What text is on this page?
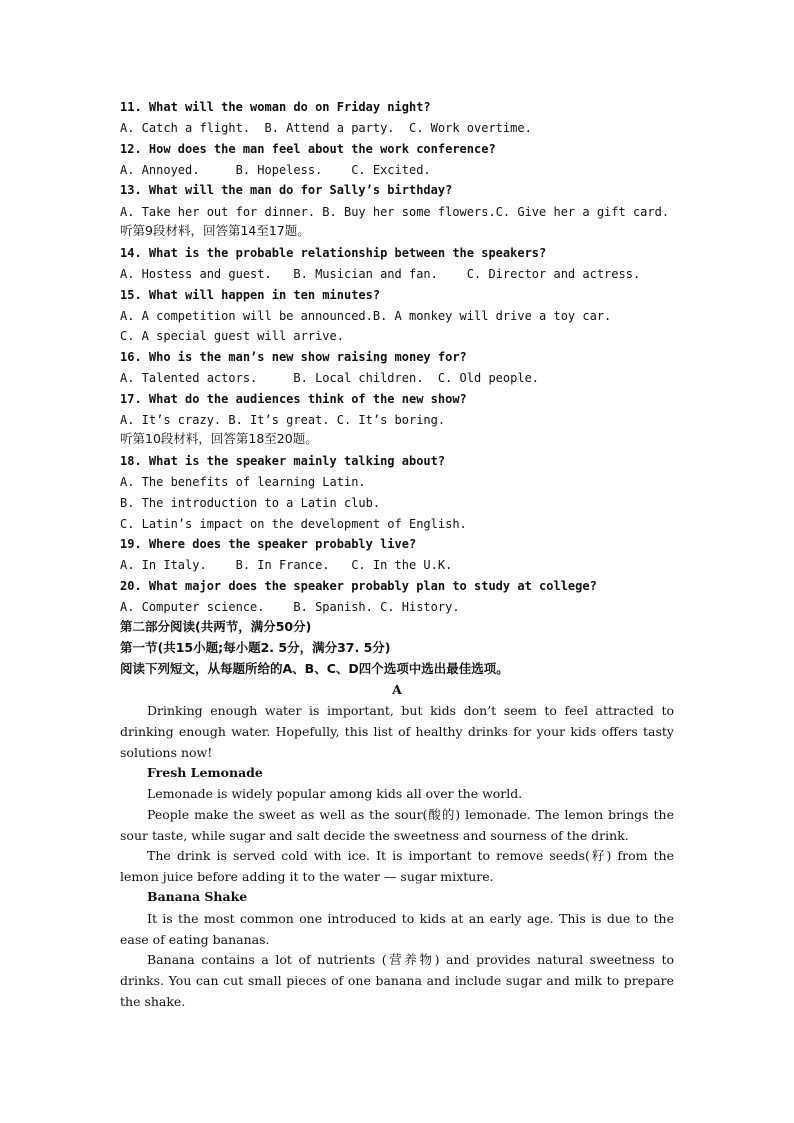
11. What will the woman do on Friday night?

A. Catch a flight.  B. Attend a party.  C. Work overtime.

12. How does the man feel about the work conference?

A. Annoyed.     B. Hopeless.    C. Excited.

13. What will the man do for Sally’s birthday?

A. Take her out for dinner. B. Buy her some flowers.C. Give her a gift card.

听第9段材料，回答第14至17题。

14. What is the probable relationship between the speakers?

A. Hostess and guest.   B. Musician and fan.    C. Director and actress.

15. What will happen in ten minutes?

A. A competition will be announced.B. A monkey will drive a toy car.

C. A special guest will arrive.

16. Who is the man’s new show raising money for?

A. Talented actors.     B. Local children.  C. Old people.

17. What do the audiences think of the new show?

A. It’s crazy. B. It’s great. C. It’s boring.

听第10段材料，回答第18至20题。

18. What is the speaker mainly talking about?

A. The benefits of learning Latin.

B. The introduction to a Latin club.

C. Latin’s impact on the development of English.

19. Where does the speaker probably live?

A. In Italy.    B. In France.   C. In the U.K.

20. What major does the speaker probably plan to study at college?

A. Computer science.    B. Spanish. C. History.

第二部分阅读(共两节，满分50分)

第一节(共15小题;每小题2. 5分，满分37. 5分)

阅读下列短文，从每题所给的A、B、C、D四个选项中选出最佳选项。

A

Drinking enough water is important, but kids don’t seem to feel attracted to drinking enough water. Hopefully, this list of healthy drinks for your kids offers tasty solutions now!

Fresh Lemonade

Lemonade is widely popular among kids all over the world.

People make the sweet as well as the sour(酸的) lemonade. The lemon brings the sour taste, while sugar and salt decide the sweetness and sourness of the drink.

The drink is served cold with ice. It is important to remove seeds(籽) from the lemon juice before adding it to the water — sugar mixture.

Banana Shake

It is the most common one introduced to kids at an early age. This is due to the ease of eating bananas.

Banana contains a lot of nutrients (营养物) and provides natural sweetness to drinks. You can cut small pieces of one banana and include sugar and milk to prepare the shake.
